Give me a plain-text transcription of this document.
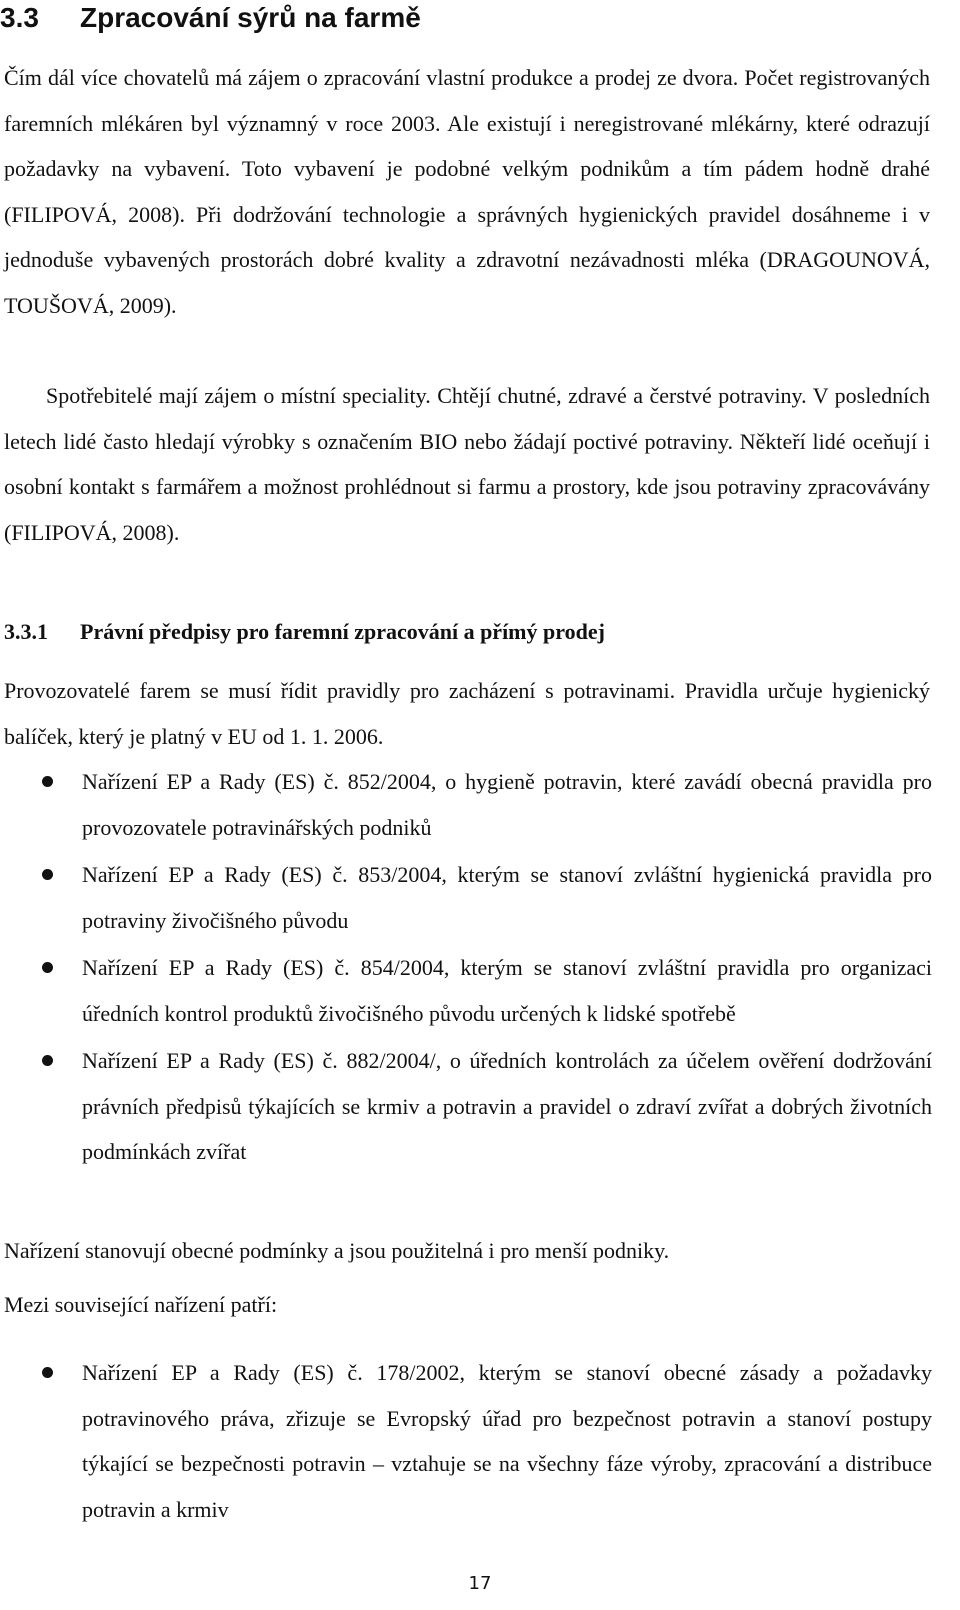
3.3 Zpracování sýrů na farmě

Čím dál více chovatelů má zájem o zpracování vlastní produkce a prodej ze dvora. Počet registrovaných faremních mlékáren byl významný v roce 2003. Ale existují i neregistrované mlékárny, které odrazují požadavky na vybavení. Toto vybavení je podobné velkým podnikům a tím pádem hodně drahé (FILIPOVÁ, 2008). Při dodržování technologie a správných hygienických pravidel dosáhneme i v jednoduše vybavených prostorách dobré kvality a zdravotní nezávadnosti mléka (DRAGOUNOVÁ, TOUŠOVÁ, 2009).

Spotřebitelé mají zájem o místní speciality. Chtějí chutné, zdravé a čerstvé potraviny. V posledních letech lidé často hledají výrobky s označením BIO nebo žádají poctivé potraviny. Někteří lidé oceňují i osobní kontakt s farmářem a možnost prohlédnout si farmu a prostory, kde jsou potraviny zpracovávány (FILIPOVÁ, 2008).

3.3.1 Právní předpisy pro faremní zpracování a přímý prodej

Provozovatelé farem se musí řídit pravidly pro zacházení s potravinami. Pravidla určuje hygienický balíček, který je platný v EU od 1. 1. 2006.

Nařízení EP a Rady (ES) č. 852/2004, o hygieně potravin, které zavádí obecná pravidla pro provozovatele potravinářských podniků
Nařízení EP a Rady (ES) č. 853/2004, kterým se stanoví zvláštní hygienická pravidla pro potraviny živočišného původu
Nařízení EP a Rady (ES) č. 854/2004, kterým se stanoví zvláštní pravidla pro organizaci úředních kontrol produktů živočišného původu určených k lidské spotřebě
Nařízení EP a Rady (ES) č. 882/2004/, o úředních kontrolách za účelem ověření dodržování právních předpisů týkajících se krmiv a potravin a pravidel o zdraví zvířat a dobrých životních podmínkách zvířat

Nařízení stanovují obecné podmínky a jsou použitelná i pro menší podniky.

Mezi související nařízení patří:

Nařízení EP a Rady (ES) č. 178/2002, kterým se stanoví obecné zásady a požadavky potravinového práva, zřizuje se Evropský úřad pro bezpečnost potravin a stanoví postupy týkající se bezpečnosti potravin – vztahuje se na všechny fáze výroby, zpracování a distribuce potravin a krmiv
17
